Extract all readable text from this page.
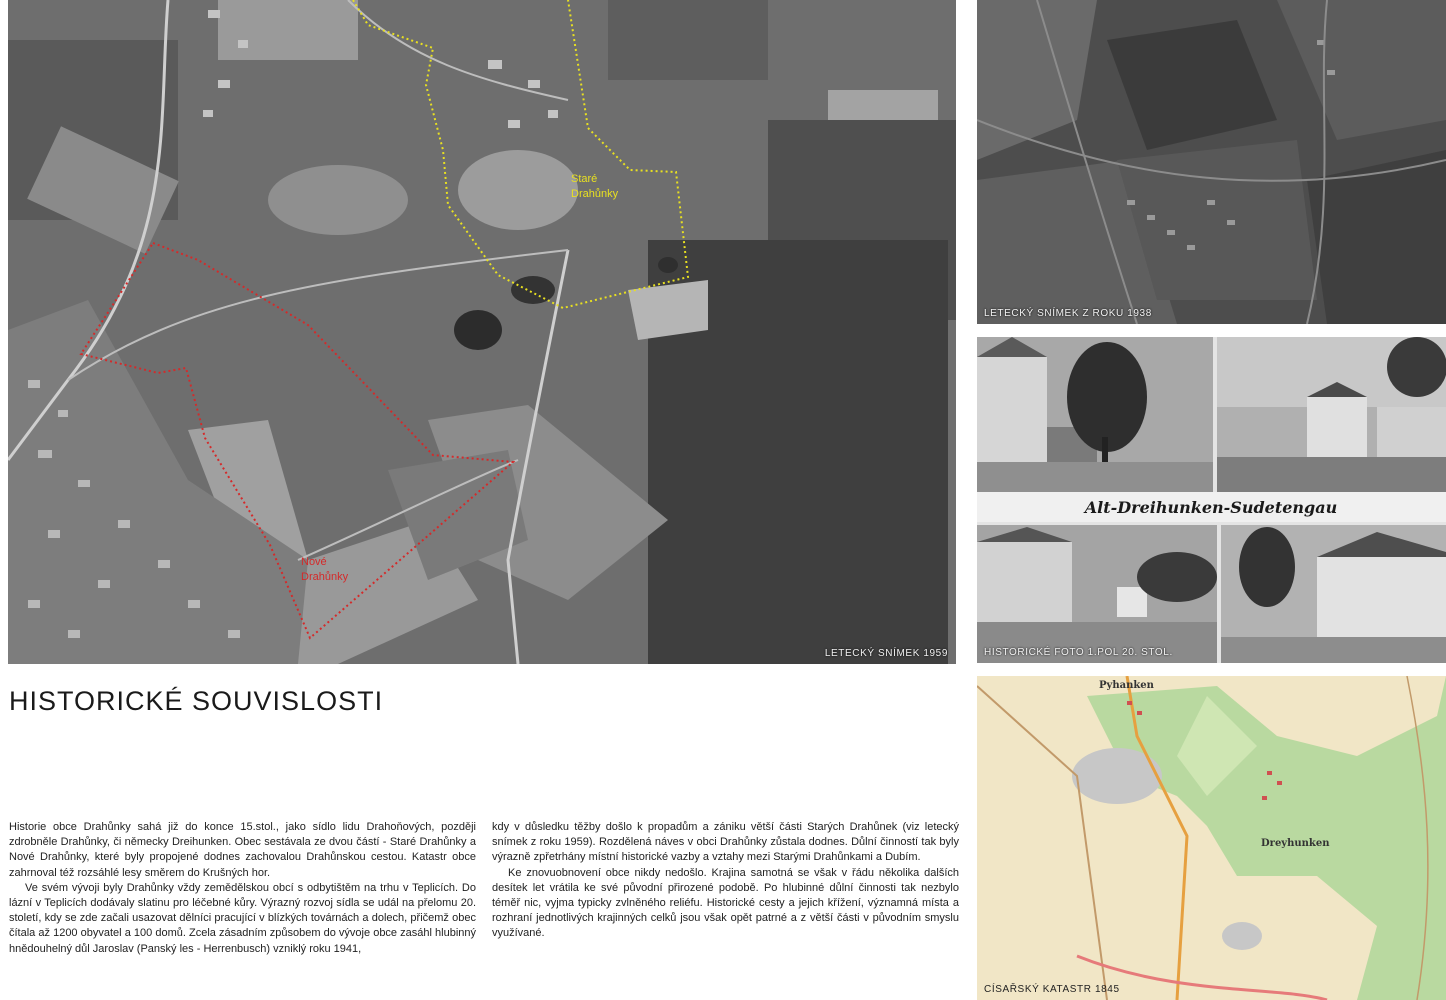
Staré
Drahůnky
Nové
Drahůnky
LETECKÝ SNÍMEK 1959
LETECKÝ SNÍMEK Z ROKU 1938
Alt-Dreihunken-Sudetengau
HISTORICKÉ FOTO 1.POL 20. STOL.
Pyhanken
Dreyhunken
CÍSAŘSKÝ KATASTR 1845
HISTORICKÉ SOUVISLOSTI

Historie obce Drahůnky sahá již do konce 15.stol., jako sídlo lidu Drahoňových, později zdrobněle Drahůnky, či německy Dreihunken. Obec sestávala ze dvou částí - Staré Drahůnky a Nové Drahůnky, které byly propojené dodnes zachovalou Drahůnskou cestou. Katastr obce zahrnoval též rozsáhlé lesy směrem do Krušných hor.

Ve svém vývoji byly Drahůnky vždy zemědělskou obcí s odbytištěm na trhu v Teplicích. Do lázní v Teplicích dodávaly slatinu pro léčebné kůry. Výrazný rozvoj sídla se udál na přelomu 20. století, kdy se zde začali usazovat dělníci pracující v blízkých továrnách a dolech, přičemž obec čítala až 1200 obyvatel a 100 domů. Zcela zásadním způsobem do vývoje obce zasáhl hlubinný hnědouhelný důl Jaroslav (Panský les - Herrenbusch) vzniklý roku 1941,

kdy v důsledku těžby došlo k propadům a zániku větší části Starých Drahůnek (viz letecký snímek z roku 1959). Rozdělená náves v obci Drahůnky zůstala dodnes. Důlní činností tak byly výrazně zpřetrhány místní historické vazby a vztahy mezi Starými Drahůnkami a Dubím.

Ke znovuobnovení obce nikdy nedošlo. Krajina samotná se však v řádu několika dalších desítek let vrátila ke své původní přirozené podobě. Po hlubinné důlní činnosti tak nezbylo téměř nic, vyjma typicky zvlněného reliéfu. Historické cesty a jejich křížení, významná místa a rozhraní jednotlivých krajinných celků jsou však opět patrné a z větší části v původním smyslu využívané.
